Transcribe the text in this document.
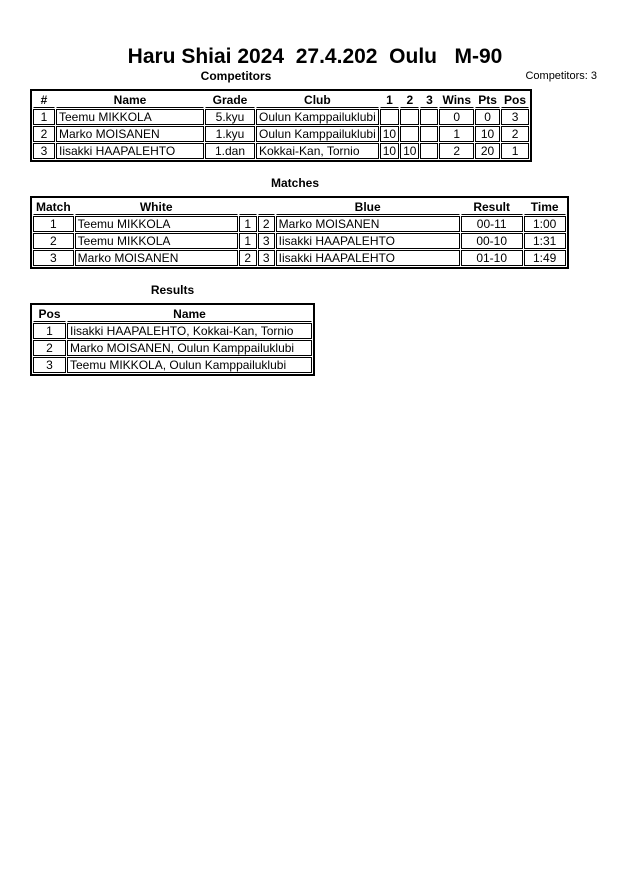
Haru Shiai 2024  27.4.202  Oulu   M-90
Competitors	Competitors: 3
#	Name	Grade	Club	1	2	3	Wins	Pts	Pos
1	Teemu MIKKOLA	5.kyu	Oulun Kamppailuklubi				0	0	3
2	Marko MOISANEN	1.kyu	Oulun Kamppailuklubi	10			1	10	2
3	Iisakki HAAPALEHTO	1.dan	Kokkai-Kan, Tornio	10	10		2	20	1
Matches
Match	White			Blue	Result	Time
1	Teemu MIKKOLA	1	2	Marko MOISANEN	00-11	1:00
2	Teemu MIKKOLA	1	3	Iisakki HAAPALEHTO	00-10	1:31
3	Marko MOISANEN	2	3	Iisakki HAAPALEHTO	01-10	1:49
Results
Pos	Name
1	Iisakki HAAPALEHTO, Kokkai-Kan, Tornio
2	Marko MOISANEN, Oulun Kamppailuklubi
3	Teemu MIKKOLA, Oulun Kamppailuklubi
